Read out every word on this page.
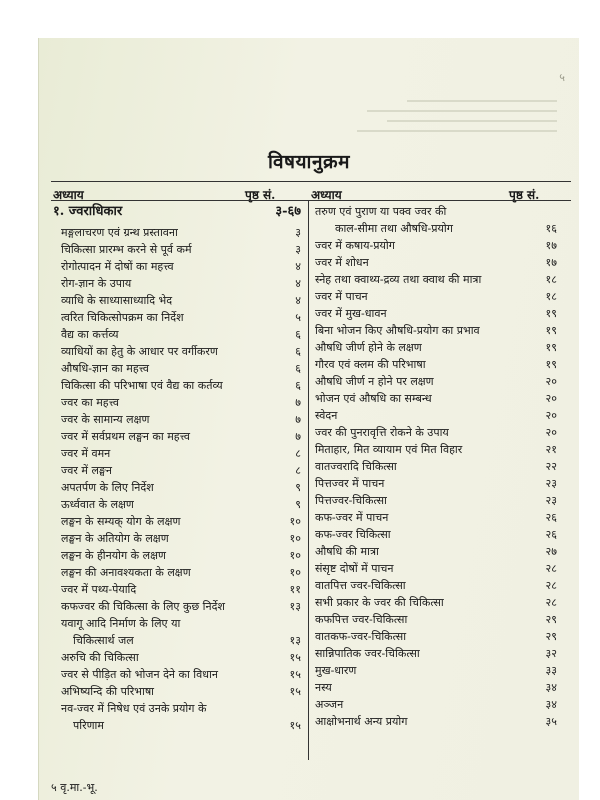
५
विषयानुक्रम
अध्याय	पृष्ठ सं.	अध्याय	पृष्ठ सं.
१. ज्वराधिकार	३-६७
मङ्गलाचरण एवं ग्रन्थ प्रस्तावना	३
चिकित्सा प्रारम्भ करने से पूर्व कर्म	३
रोगोत्पादन में दोषों का महत्त्व	४
रोग-ज्ञान के उपाय	४
व्याधि के साध्यासाध्यादि भेद	४
त्वरित चिकित्सोपक्रम का निर्देश	५
वैद्य का कर्त्तव्य	६
व्याधियों का हेतु के आधार पर वर्गीकरण	६
औषधि-ज्ञान का महत्त्व	६
चिकित्सा की परिभाषा एवं वैद्य का कर्तव्य	६
ज्वर का महत्त्व	७
ज्वर के सामान्य लक्षण	७
ज्वर में सर्वप्रथम लङ्घन का महत्त्व	७
ज्वर में वमन	८
ज्वर में लङ्घन	८
अपतर्पण के लिए निर्देश	९
ऊर्ध्ववात के लक्षण	९
लङ्घन के सम्यक् योग के लक्षण	१०
लङ्घन के अतियोग के लक्षण	१०
लङ्घन के हीनयोग के लक्षण	१०
लङ्घन की अनावश्यकता के लक्षण	१०
ज्वर में पथ्य-पेयादि	११
कफज्वर की चिकित्सा के लिए कुछ निर्देश	१३
यवागू आदि निर्माण के लिए या
चिकित्सार्थ जल	१३
अरुचि की चिकित्सा	१५
ज्वर से पीड़ित को भोजन देने का विधान	१५
अभिष्यन्दि की परिभाषा	१५
नव-ज्वर में निषेध एवं उनके प्रयोग के
परिणाम	१५
तरुण एवं पुराण या पक्व ज्वर की
काल-सीमा तथा औषधि-प्रयोग	१६
ज्वर में कषाय-प्रयोग	१७
ज्वर में शोधन	१७
स्नेह तथा क्वाथ्य-द्रव्य तथा क्वाथ की मात्रा	१८
ज्वर में पाचन	१८
ज्वर में मुख-धावन	१९
बिना भोजन किए औषधि-प्रयोग का प्रभाव	१९
औषधि जीर्ण होने के लक्षण	१९
गौरव एवं क्लम की परिभाषा	१९
औषधि जीर्ण न होने पर लक्षण	२०
भोजन एवं औषधि का सम्बन्ध	२०
स्वेदन	२०
ज्वर की पुनरावृत्ति रोकने के उपाय	२०
मिताहार, मित व्यायाम एवं मित विहार	२१
वातज्वरादि चिकित्सा	२२
पित्तज्वर में पाचन	२३
पित्तज्वर-चिकित्सा	२३
कफ-ज्वर में पाचन	२६
कफ-ज्वर चिकित्सा	२६
औषधि की मात्रा	२७
संसृष्ट दोषों में पाचन	२८
वातपित्त ज्वर-चिकित्सा	२८
सभी प्रकार के ज्वर की चिकित्सा	२८
कफपित्त ज्वर-चिकित्सा	२९
वातकफ-ज्वर-चिकित्सा	२९
सान्निपातिक ज्वर-चिकित्सा	३२
मुख-धारण	३३
नस्य	३४
अञ्जन	३४
आक्षोभनार्थ अन्य प्रयोग	३५
५ वृ.मा.-भू.
